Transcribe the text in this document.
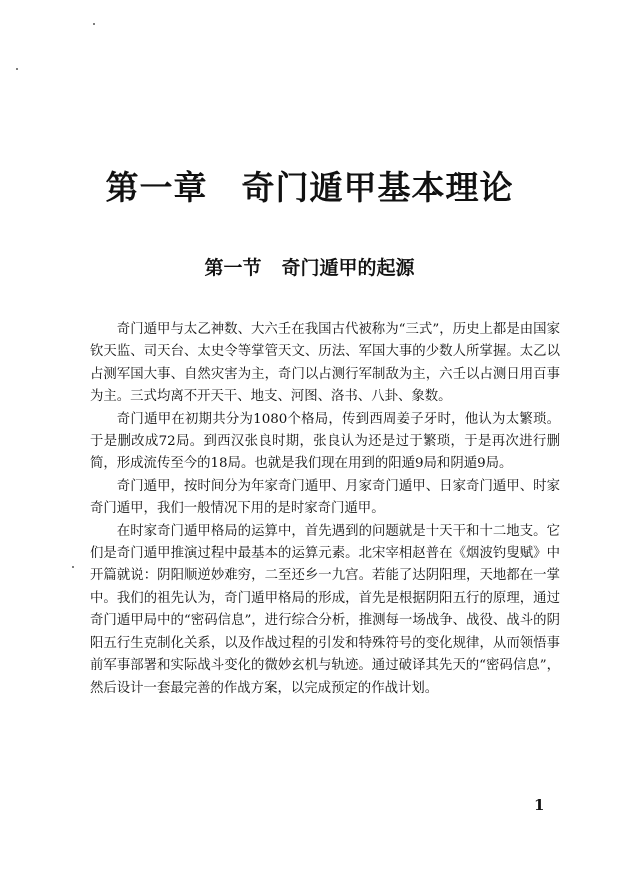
第一章 奇门遁甲基本理论
第一节 奇门遁甲的起源

奇门遁甲与太乙神数、大六壬在我国古代被称为“三式”，历史上都是由国家钦天监、司天台、太史令等掌管天文、历法、军国大事的少数人所掌握。太乙以占测军国大事、自然灾害为主，奇门以占测行军制敌为主，六壬以占测日用百事为主。三式均离不开天干、地支、河图、洛书、八卦、象数。

奇门遁甲在初期共分为1080个格局，传到西周姜子牙时，他认为太繁琐。于是删改成72局。到西汉张良时期，张良认为还是过于繁琐，于是再次进行删简，形成流传至今的18局。也就是我们现在用到的阳遁9局和阴遁9局。

奇门遁甲，按时间分为年家奇门遁甲、月家奇门遁甲、日家奇门遁甲、时家奇门遁甲，我们一般情况下用的是时家奇门遁甲。

在时家奇门遁甲格局的运算中，首先遇到的问题就是十天干和十二地支。它们是奇门遁甲推演过程中最基本的运算元素。北宋宰相赵普在《烟波钓叟赋》中开篇就说：阴阳顺逆妙难穷，二至还乡一九宫。若能了达阴阳理，天地都在一掌中。我们的祖先认为，奇门遁甲格局的形成，首先是根据阴阳五行的原理，通过奇门遁甲局中的“密码信息”，进行综合分析，推测每一场战争、战役、战斗的阴阳五行生克制化关系，以及作战过程的引发和特殊符号的变化规律，从而领悟事前军事部署和实际战斗变化的微妙玄机与轨迹。通过破译其先天的“密码信息”，然后设计一套最完善的作战方案，以完成预定的作战计划。

1
